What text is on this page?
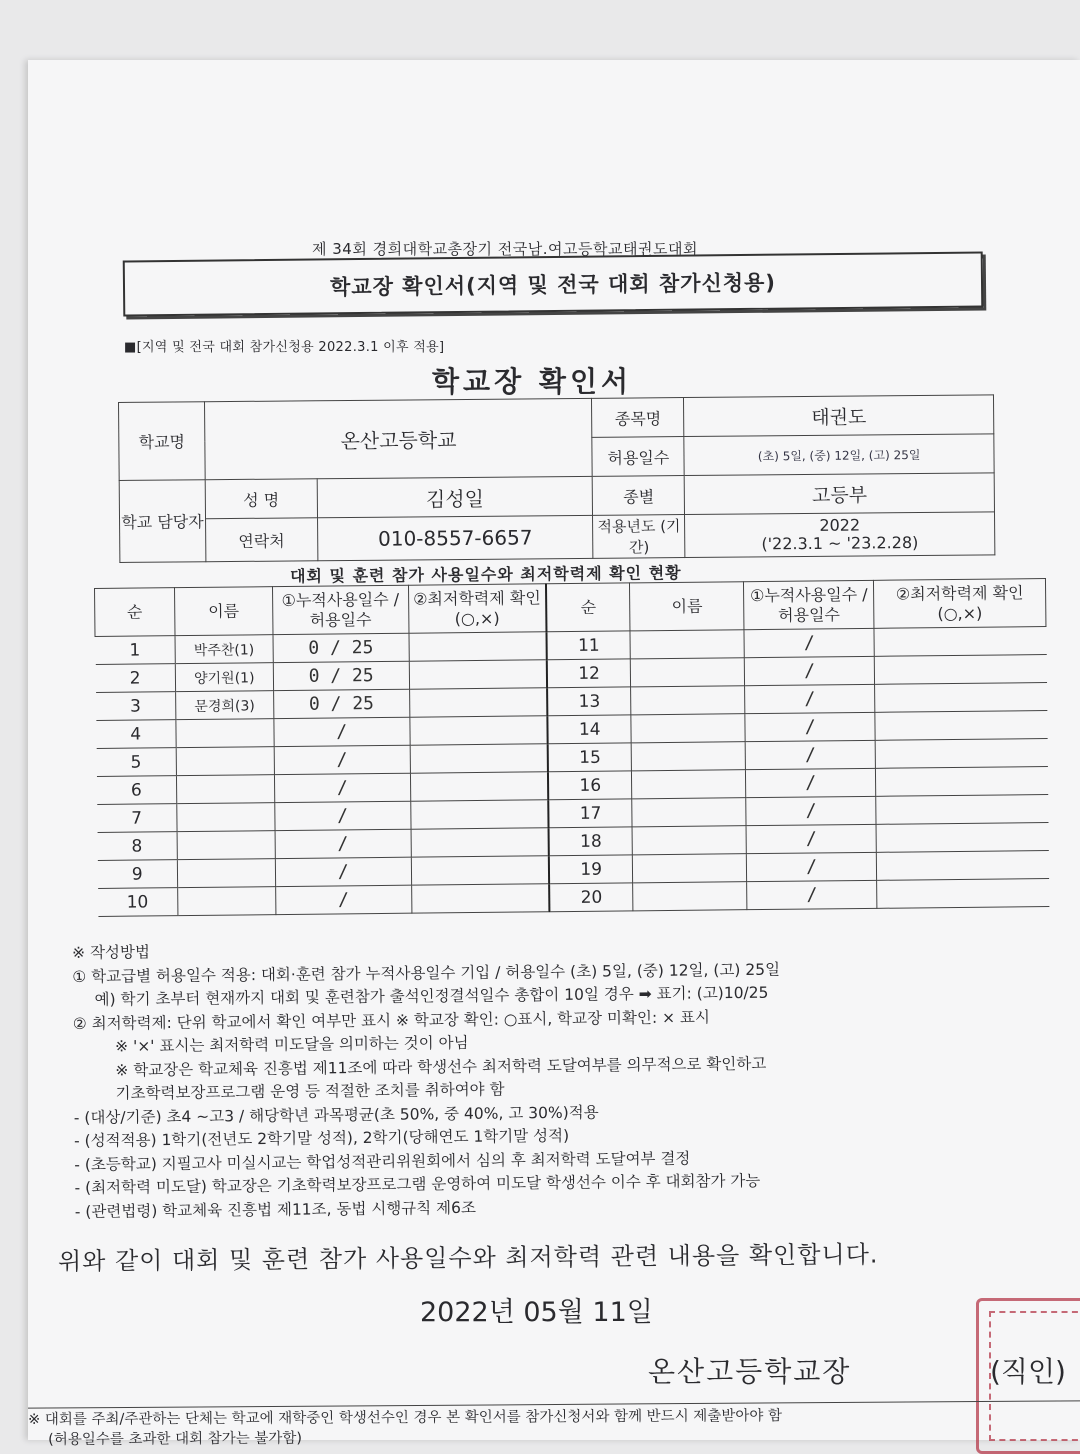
제 34회 경희대학교총장기 전국남.여고등학교태권도대회
학교장 확인서(지역 및 전국 대회 참가신청용)
■[지역 및 전국 대회 참가신청용 2022.3.1 이후 적용]
학교장 확인서
학교명	온산고등학교		종목명	태권도
			허용일수	(초) 5일, (중) 12일, (고) 25일
학교 담당자	성 명	김성일	종별	고등부
	연락처	010-8557-6657	적용년도 (기간)	2022
('22.3.1 ~ '23.2.28)
대회 및 훈련 참가 사용일수와 최저학력제 확인 현황
순	이름	①누적사용일수 /허용일수	②최저학력제 확인(○,×)	순	이름	①누적사용일수 /허용일수	②최저학력제 확인(○,×)
1	박주찬(1)	0 / 25		11		/	
2	양기원(1)	0 / 25		12		/	
3	문경희(3)	0 / 25		13		/	
4		/		14		/	
5		/		15		/	
6		/		16		/	
7		/		17		/	
8		/		18		/	
9		/		19		/	
10		/		20		/	
※ 작성방법
① 학교급별 허용일수 적용: 대회·훈련 참가 누적사용일수 기입 / 허용일수 (초) 5일, (중) 12일, (고) 25일
예) 학기 초부터 현재까지 대회 및 훈련참가 출석인정결석일수 총합이 10일 경우 ➡ 표기: (고)10/25
② 최저학력제: 단위 학교에서 확인 여부만 표시 ※ 학교장 확인: ○표시, 학교장 미확인: × 표시
※ '×' 표시는 최저학력 미도달을 의미하는 것이 아님
※ 학교장은 학교체육 진흥법 제11조에 따라 학생선수 최저학력 도달여부를 의무적으로 확인하고
기초학력보장프로그램 운영 등 적절한 조치를 취하여야 함
- (대상/기준) 초4 ~고3 / 해당학년 과목평균(초 50%, 중 40%, 고 30%)적용
- (성적적용) 1학기(전년도 2학기말 성적), 2학기(당해연도 1학기말 성적)
- (초등학교) 지필고사 미실시교는 학업성적관리위원회에서 심의 후 최저학력 도달여부 결정
- (최저학력 미도달) 학교장은 기초학력보장프로그램 운영하여 미도달 학생선수 이수 후 대회참가 가능
- (관련법령) 학교체육 진흥법 제11조, 동법 시행규칙 제6조
위와 같이 대회 및 훈련 참가 사용일수와 최저학력 관련 내용을 확인합니다.
2022년 05월 11일
온산고등학교장	(직인)
※ 대회를 주최/주관하는 단체는 학교에 재학중인 학생선수인 경우 본 확인서를 참가신청서와 함께 반드시 제출받아야 함
(허용일수를 초과한 대회 참가는 불가함)
